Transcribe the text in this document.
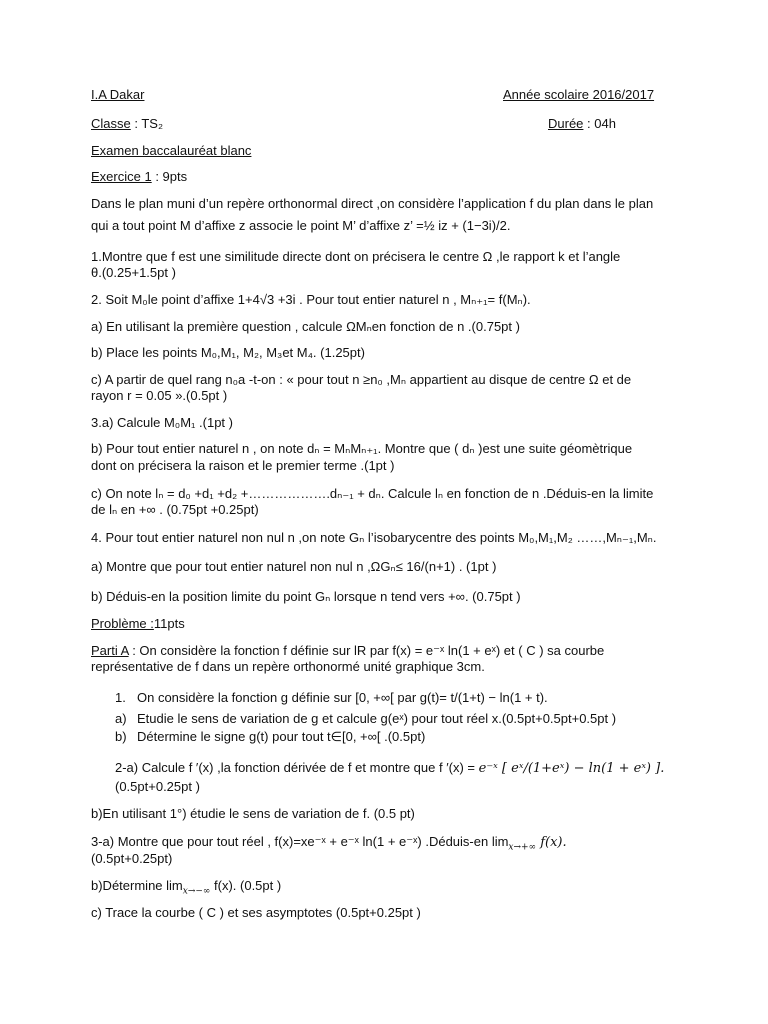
I.A Dakar	Année scolaire 2016/2017
Classe : TS₂	Durée : 04h
Examen baccalauréat blanc
Exercice 1 : 9pts
Dans le plan muni d’un repère orthonormal direct ,on considère l’application f du plan dans le plan
qui a tout point M d’affixe z associe le point M’ d’affixe z’ =½ iz + (1−3i)/2.
1.Montre que f est une similitude directe dont on précisera le centre Ω ,le rapport k et l’angle
θ.(0.25+1.5pt )
2. Soit M₀le point d’affixe 1+4√3 +3i . Pour tout entier naturel n , Mₙ₊₁= f(Mₙ).
a) En utilisant la première question , calcule ΩMₙen fonction de n .(0.75pt )
b) Place les points M₀,M₁, M₂, M₃et M₄. (1.25pt)
c) A partir de quel rang n₀a -t-on : « pour tout n ≥n₀ ,Mₙ appartient au disque de centre Ω et de
rayon r = 0.05 ».(0.5pt )
3.a) Calcule M₀M₁ .(1pt )
b) Pour tout entier naturel n , on note dₙ = MₙMₙ₊₁. Montre que ( dₙ )est une suite géomètrique
dont on précisera la raison et le premier terme .(1pt )
c) On note lₙ = d₀ +d₁ +d₂ +……………….dₙ₋₁ + dₙ. Calcule lₙ en fonction de n .Déduis-en la limite
de lₙ en +∞ . (0.75pt +0.25pt)
4. Pour tout entier naturel non nul n ,on note Gₙ l’isobarycentre des points M₀,M₁,M₂ ……,Mₙ₋₁,Mₙ.
a) Montre que pour tout entier naturel non nul n ,ΩGₙ≤ 16/(n+1) . (1pt )
b) Déduis-en la position limite du point Gₙ lorsque n tend vers +∞. (0.75pt )
Problème :11pts
Parti A : On considère la fonction f définie sur lR par f(x) = e⁻ˣ ln(1 + eˣ) et ( C ) sa courbe
représentative de f dans un repère orthonormé unité graphique 3cm.
1. On considère la fonction g définie sur [0, +∞[ par g(t)= t/(1+t) − ln(1 + t).
a) Etudie le sens de variation de g et calcule g(eˣ) pour tout réel x.(0.5pt+0.5pt+0.5pt )
b) Détermine le signe g(t) pour tout t∈[0, +∞[ .(0.5pt)
2-a) Calcule f ′(x) ,la fonction dérivée de f et montre que f ′(x) = e⁻ˣ [ eˣ/(1+eˣ) − ln(1 + eˣ) ].
(0.5pt+0.25pt )
b)En utilisant 1°) étudie le sens de variation de f. (0.5 pt)
3-a) Montre que pour tout réel , f(x)=xe⁻ˣ + e⁻ˣ ln(1 + e⁻ˣ) .Déduis-en $\lim_{x\to+\infty} f(x)$.
(0.5pt+0.25pt)
b)Détermine $\lim_{x\to-\infty} f(x)$. (0.5pt )
c) Trace la courbe ( C ) et ses asymptotes (0.5pt+0.25pt )
